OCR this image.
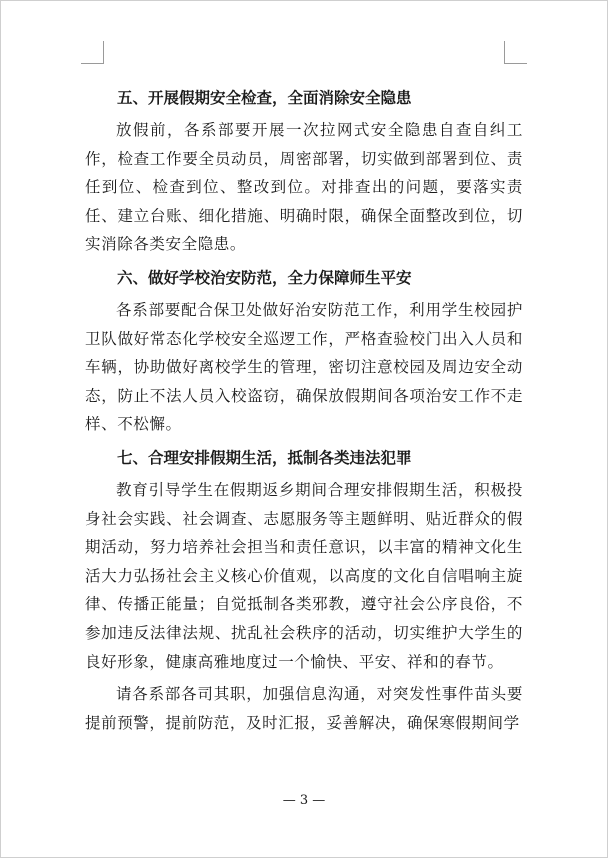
五、开展假期安全检查，全面消除安全隐患

放假前，各系部要开展一次拉网式安全隐患自查自纠工作，检查工作要全员动员，周密部署，切实做到部署到位、责任到位、检查到位、整改到位。对排查出的问题，要落实责任、建立台账、细化措施、明确时限，确保全面整改到位，切实消除各类安全隐患。

六、做好学校治安防范，全力保障师生平安

各系部要配合保卫处做好治安防范工作，利用学生校园护卫队做好常态化学校安全巡逻工作，严格查验校门出入人员和车辆，协助做好离校学生的管理，密切注意校园及周边安全动态，防止不法人员入校盗窃，确保放假期间各项治安工作不走样、不松懈。

七、合理安排假期生活，抵制各类违法犯罪

教育引导学生在假期返乡期间合理安排假期生活，积极投身社会实践、社会调查、志愿服务等主题鲜明、贴近群众的假期活动，努力培养社会担当和责任意识，以丰富的精神文化生活大力弘扬社会主义核心价值观，以高度的文化自信唱响主旋律、传播正能量；自觉抵制各类邪教，遵守社会公序良俗，不参加违反法律法规、扰乱社会秩序的活动，切实维护大学生的良好形象，健康高雅地度过一个愉快、平安、祥和的春节。

请各系部各司其职，加强信息沟通，对突发性事件苗头要提前预警，提前防范，及时汇报，妥善解决，确保寒假期间学

— 3 —
